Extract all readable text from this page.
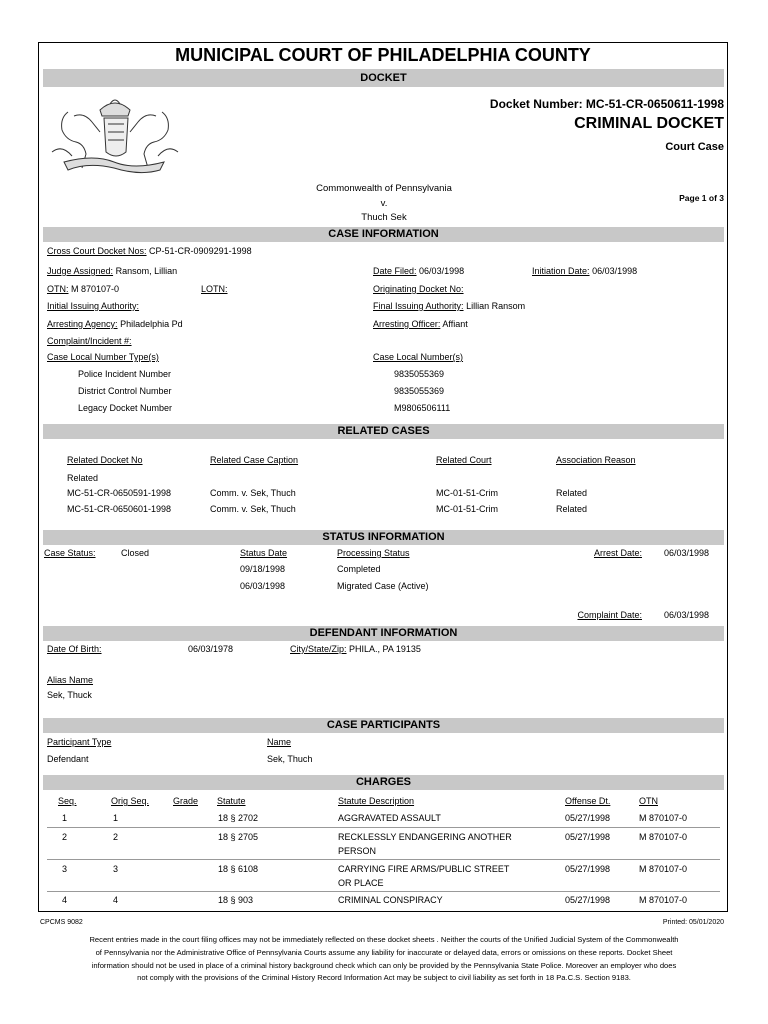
MUNICIPAL COURT OF PHILADELPHIA COUNTY
DOCKET
Docket Number: MC-51-CR-0650611-1998
CRIMINAL DOCKET
Court Case
Commonwealth of Pennsylvania
v.
Thuch Sek
Page 1 of 3
CASE INFORMATION
Cross Court Docket Nos: CP-51-CR-0909291-1998
Judge Assigned: Ransom, Lillian	Date Filed: 06/03/1998	Initiation Date: 06/03/1998
OTN: M 870107-0	LOTN:	Originating Docket No:
Initial Issuing Authority:	Final Issuing Authority: Lillian Ransom
Arresting Agency: Philadelphia Pd	Arresting Officer: Affiant
Complaint/Incident #:
Case Local Number Type(s)	Case Local Number(s)
Police Incident Number	9835055369
District Control Number	9835055369
Legacy Docket Number	M9806506111
RELATED CASES
Related Docket No	Related Case Caption	Related Court	Association Reason
Related
MC-51-CR-0650591-1998	Comm. v. Sek, Thuch	MC-01-51-Crim	Related
MC-51-CR-0650601-1998	Comm. v. Sek, Thuch	MC-01-51-Crim	Related
STATUS INFORMATION
Case Status:	Closed	Status Date	Processing Status	Arrest Date: 06/03/1998
09/18/1998	Completed
06/03/1998	Migrated Case (Active)
Complaint Date: 06/03/1998
DEFENDANT INFORMATION
Date Of Birth:	06/03/1978	City/State/Zip: PHILA., PA 19135
Alias Name
Sek, Thuck
CASE PARTICIPANTS
Participant Type	Name
Defendant	Sek, Thuch
CHARGES
Seq.	Orig Seq.	Grade Statute	Statute Description	Offense Dt.	OTN
1	1	18 § 2702	AGGRAVATED ASSAULT	05/27/1998	M 870107-0
2	2	18 § 2705	RECKLESSLY ENDANGERING ANOTHER
PERSON
05/27/1998	M 870107-0
3	3	18 § 6108	CARRYING FIRE ARMS/PUBLIC STREET
OR PLACE
05/27/1998	M 870107-0
4	4	18 § 903	CRIMINAL CONSPIRACY	05/27/1998	M 870107-0
CPCMS 9082	Printed: 05/01/2020
Recent entries made in the court filing offices may not be immediately reflected on these docket sheets . Neither the courts of the Unified Judicial System of the Commonwealth of Pennsylvania nor the Administrative Office of Pennsylvania Courts assume any liability for inaccurate or delayed data, errors or omissions on these reports. Docket Sheet information should not be used in place of a criminal history background check which can only be provided by the Pennsylvania State Police. Moreover an employer who does not comply with the provisions of the Criminal History Record Information Act may be subject to civil liability as set forth in 18 Pa.C.S. Section 9183.
